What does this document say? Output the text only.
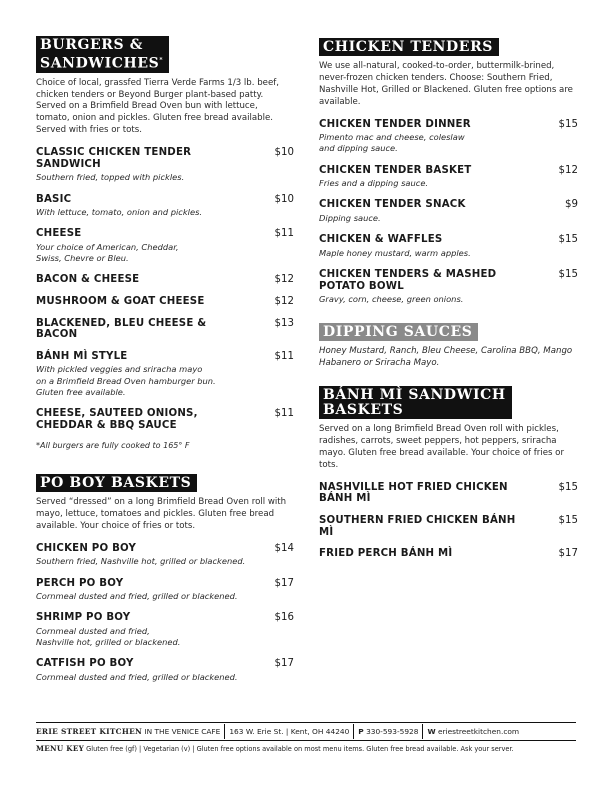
BURGERS &
SANDWICHES*

Choice of local, grassfed Tierra Verde Farms 1/3 lb. beef, chicken tenders or Beyond Burger plant-based patty. Served on a Brimfield Bread Oven bun with lettuce, tomato, onion and pickles. Gluten free bread available. Served with fries or tots.

CLASSIC CHICKEN TENDER SANDWICH
$10
Southern fried, topped with pickles.
BASIC	$10
With lettuce, tomato, onion and pickles.
CHEESE	$11
Your choice of American, Cheddar,
Swiss, Chevre or Bleu.
BACON & CHEESE	$12
MUSHROOM & GOAT CHEESE	$12
BLACKENED, BLEU CHEESE & BACON
$13
BÁNH MÌ STYLE	$11
With pickled veggies and sriracha mayo
on a Brimfield Bread Oven hamburger bun.
Gluten free available.
CHEESE, SAUTEED ONIONS, CHEDDAR & BBQ SAUCE
$11

*All burgers are fully cooked to 165° F

PO BOY BASKETS

Served “dressed” on a long Brimfield Bread Oven roll with mayo, lettuce, tomatoes and pickles. Gluten free bread available. Your choice of fries or tots.

CHICKEN PO BOY	$14
Southern fried, Nashville hot, grilled or blackened.
PERCH PO BOY	$17
Cornmeal dusted and fried, grilled or blackened.
SHRIMP PO BOY	$16
Cornmeal dusted and fried,
Nashville hot, grilled or blackened.
CATFISH PO BOY	$17
Cornmeal dusted and fried, grilled or blackened.
CHICKEN TENDERS

We use all-natural, cooked-to-order, buttermilk-brined, never-frozen chicken tenders. Choose: Southern Fried, Nashville Hot, Grilled or Blackened. Gluten free options are available.

CHICKEN TENDER DINNER	$15
Pimento mac and cheese, coleslaw
and dipping sauce.
CHICKEN TENDER BASKET	$12
Fries and a dipping sauce.
CHICKEN TENDER SNACK	$9
Dipping sauce.
CHICKEN & WAFFLES	$15
Maple honey mustard, warm apples.
CHICKEN TENDERS & MASHED POTATO BOWL
$15
Gravy, corn, cheese, green onions.
DIPPING SAUCES

Honey Mustard, Ranch, Bleu Cheese, Carolina BBQ, Mango Habanero or Sriracha Mayo.

BÁNH MÌ SANDWICH
BASKETS

Served on a long Brimfield Bread Oven roll with pickles, radishes, carrots, sweet peppers, hot peppers, sriracha mayo. Gluten free bread available. Your choice of fries or tots.

NASHVILLE HOT FRIED CHICKEN BÁNH MÌ
$15
SOUTHERN FRIED CHICKEN BÁNH MÌ
$15
FRIED PERCH BÁNH MÌ	$17
ERIE STREET KITCHEN IN THE VENICE CAFE	163 W. Erie St. | Kent, OH 44240	P 330-593-5928	W eriestreetkitchen.com
MENU KEY Gluten free (gf) | Vegetarian (v) | Gluten free options available on most menu items. Gluten free bread available. Ask your server.
